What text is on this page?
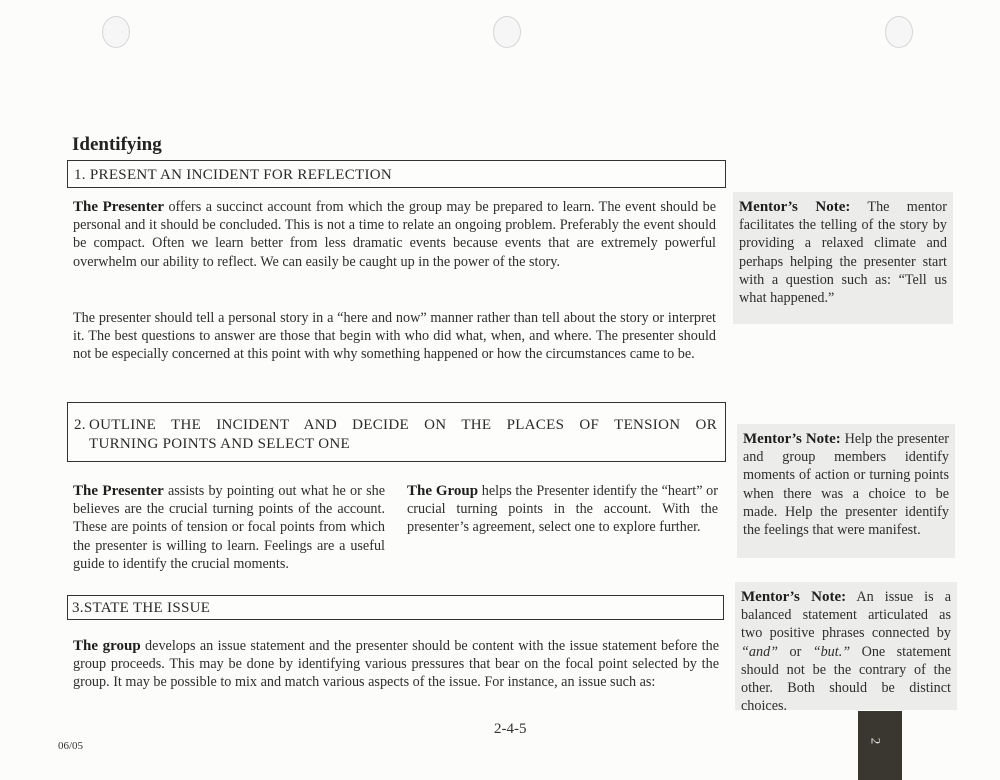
Identifying
1. PRESENT AN INCIDENT FOR REFLECTION
The Presenter offers a succinct account from which the group may be prepared to learn. The event should be personal and it should be concluded. This is not a time to relate an ongoing problem. Preferably the event should be compact. Often we learn better from less dramatic events because events that are extremely powerful overwhelm our ability to reflect. We can easily be caught up in the power of the story.
The presenter should tell a personal story in a “here and now” manner rather than tell about the story or interpret it. The best questions to answer are those that begin with who did what, when, and where. The presenter should not be especially concerned at this point with why something happened or how the circumstances came to be.
2. OUTLINE THE INCIDENT AND DECIDE ON THE PLACES OF TENSION OR
TURNING POINTS AND SELECT ONE
The Presenter assists by pointing out what he or she believes are the crucial turning points of the account. These are points of tension or focal points from which the presenter is willing to learn. Feelings are a useful guide to identify the crucial moments.
The Group helps the Presenter identify the “heart” or crucial turning points in the account. With the presenter’s agreement, select one to explore further.
3.STATE THE ISSUE
The group develops an issue statement and the presenter should be content with the issue statement before the group proceeds. This may be done by identifying various pressures that bear on the focal point selected by the group. It may be possible to mix and match various aspects of the issue. For instance, an issue such as:
Mentor’s Note: The mentor facilitates the telling of the story by providing a relaxed climate and perhaps helping the presenter start with a question such as: “Tell us what happened.”
Mentor’s Note: Help the presenter and group members identify moments of action or turning points when there was a choice to be made. Help the presenter identify the feelings that were manifest.
Mentor’s Note: An issue is a balanced statement articulated as two positive phrases connected by “and” or “but.” One statement should not be the contrary of the other. Both should be distinct choices.
06/05
2-4-5
2
